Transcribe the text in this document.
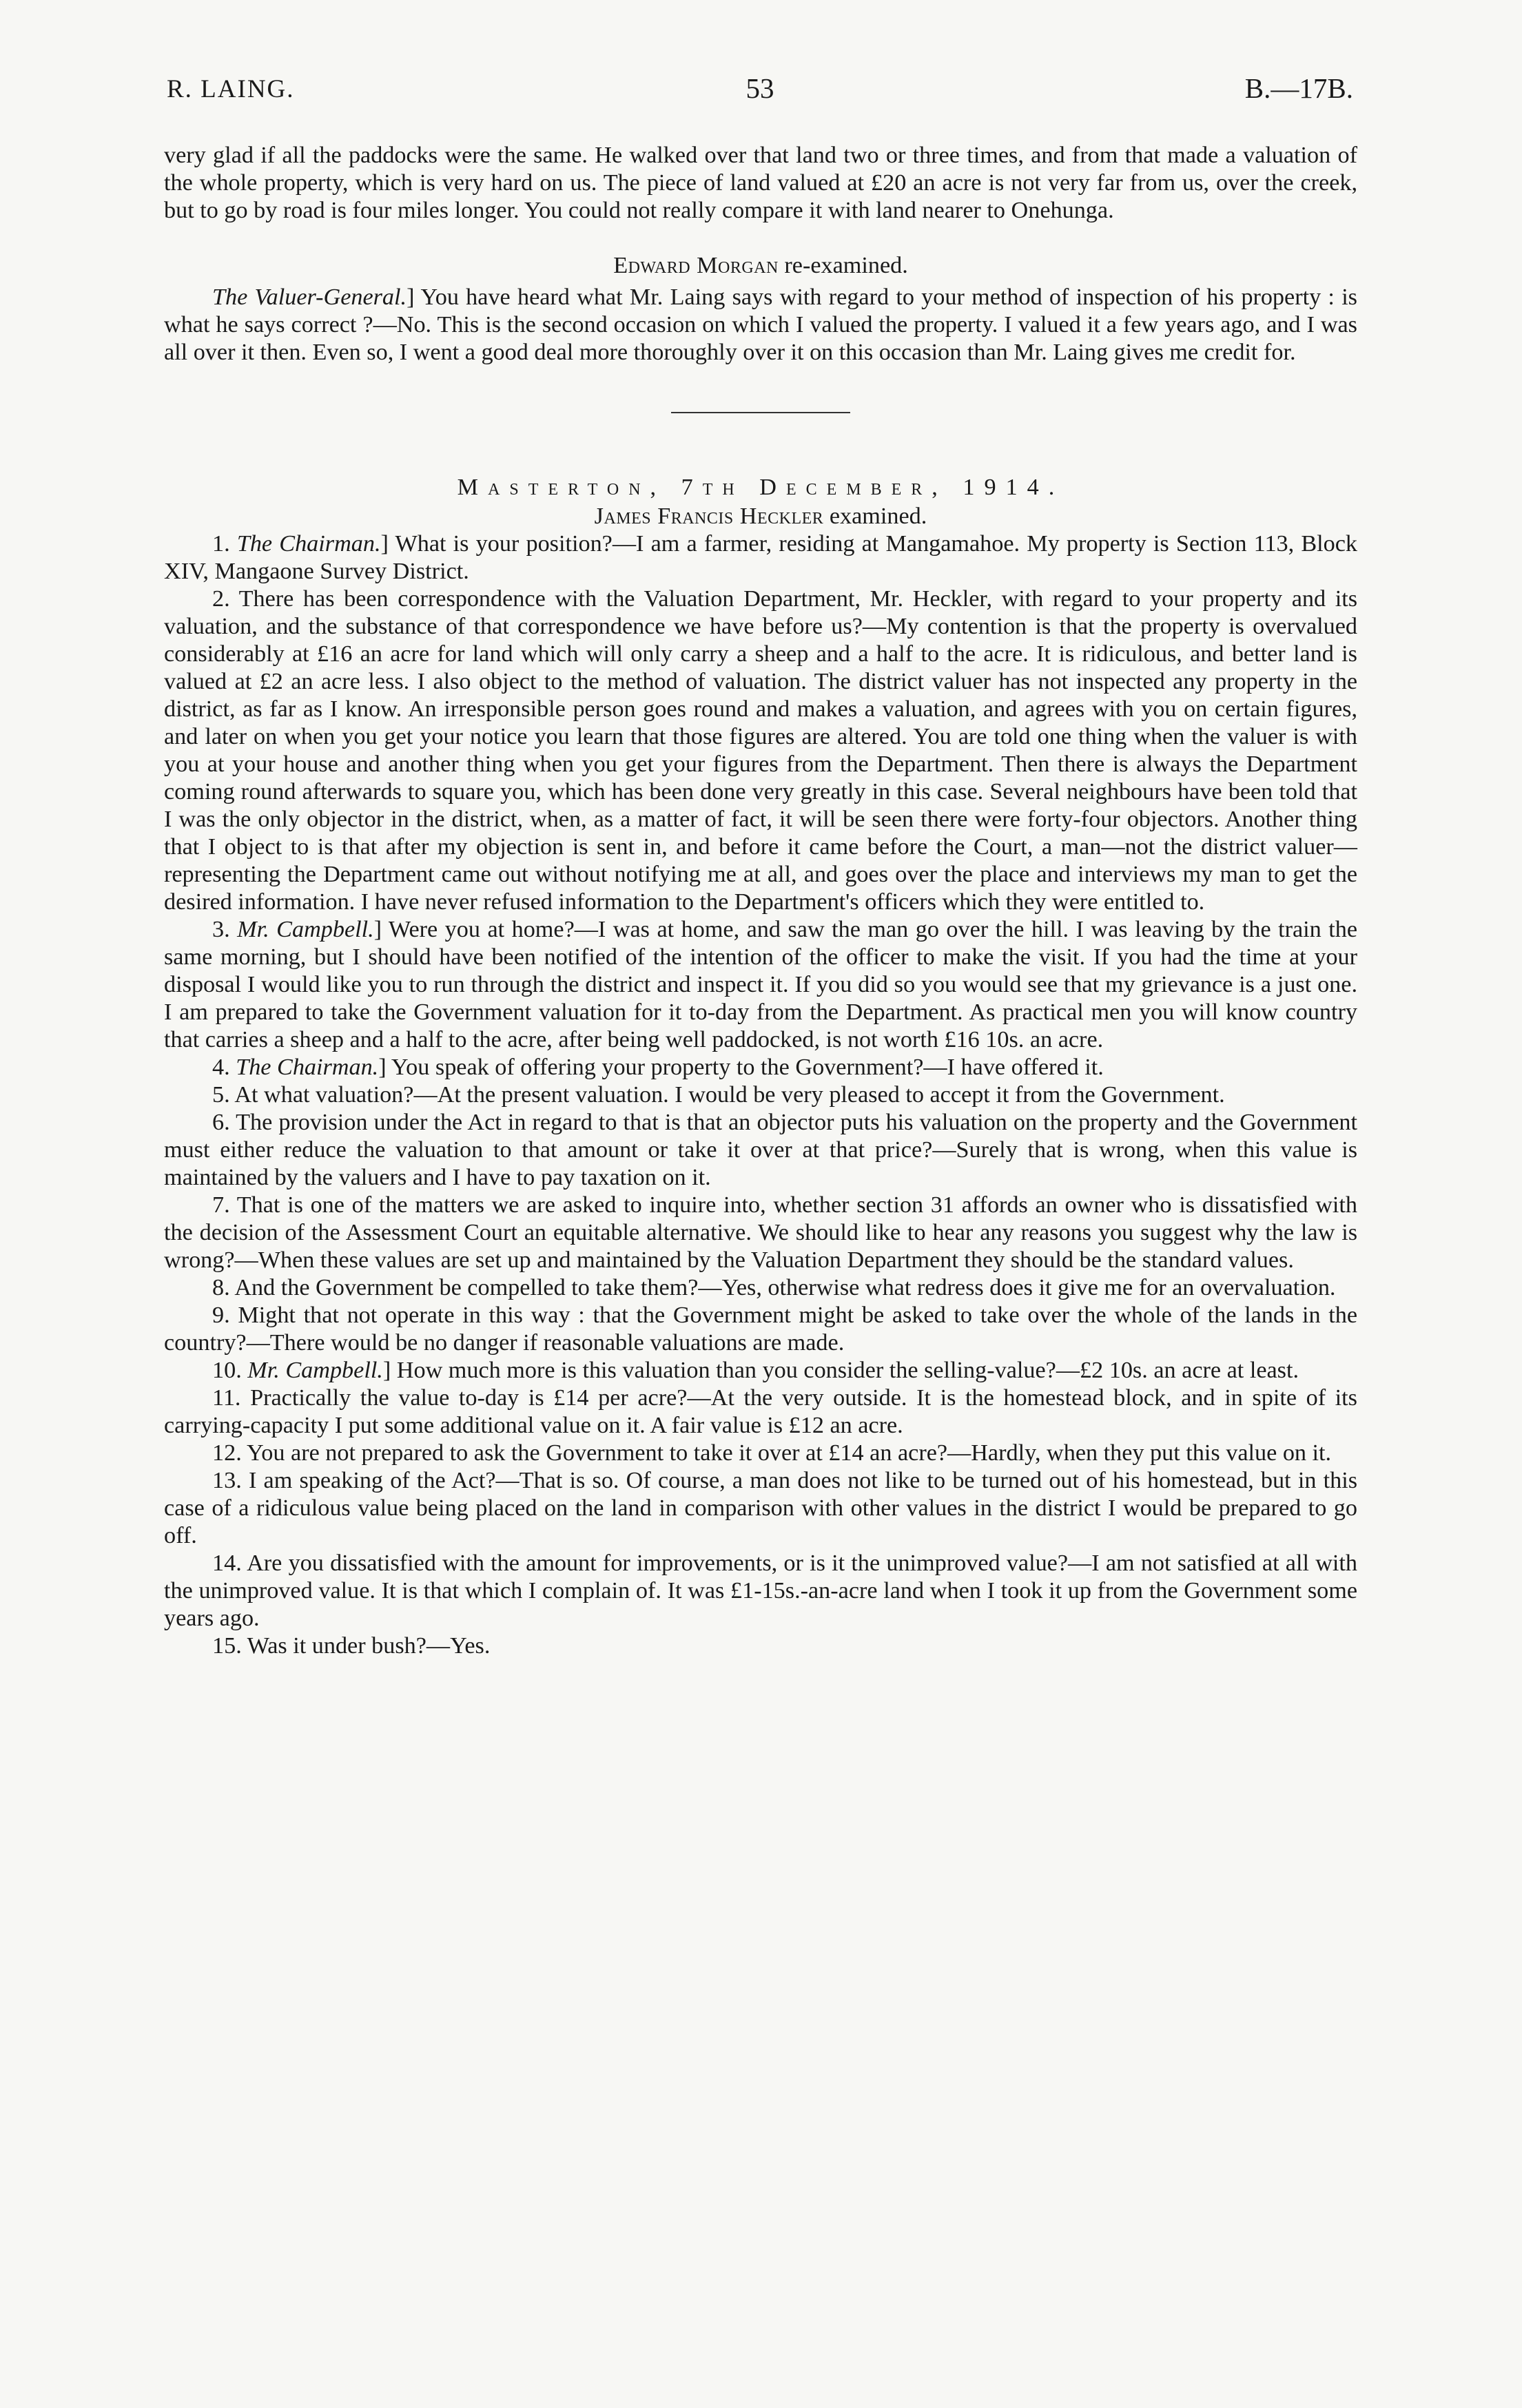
R. LAING.	53	B.—17B.

very glad if all the paddocks were the same. He walked over that land two or three times, and from that made a valuation of the whole property, which is very hard on us. The piece of land valued at £20 an acre is not very far from us, over the creek, but to go by road is four miles longer. You could not really compare it with land nearer to Onehunga.

Edward Morgan re-examined.

The Valuer-General.] You have heard what Mr. Laing says with regard to your method of inspection of his property : is what he says correct ?—No. This is the second occasion on which I valued the property. I valued it a few years ago, and I was all over it then. Even so, I went a good deal more thoroughly over it on this occasion than Mr. Laing gives me credit for.

Masterton, 7th December, 1914.

James Francis Heckler examined.

1. The Chairman.] What is your position?—I am a farmer, residing at Mangamahoe. My property is Section 113, Block XIV, Mangaone Survey District.

2. There has been correspondence with the Valuation Department, Mr. Heckler, with regard to your property and its valuation, and the substance of that correspondence we have before us?—My contention is that the property is overvalued considerably at £16 an acre for land which will only carry a sheep and a half to the acre. It is ridiculous, and better land is valued at £2 an acre less. I also object to the method of valuation. The district valuer has not inspected any property in the district, as far as I know. An irresponsible person goes round and makes a valuation, and agrees with you on certain figures, and later on when you get your notice you learn that those figures are altered. You are told one thing when the valuer is with you at your house and another thing when you get your figures from the Department. Then there is always the Department coming round afterwards to square you, which has been done very greatly in this case. Several neighbours have been told that I was the only objector in the district, when, as a matter of fact, it will be seen there were forty-four objectors. Another thing that I object to is that after my objection is sent in, and before it came before the Court, a man—not the district valuer—representing the Department came out without notifying me at all, and goes over the place and interviews my man to get the desired information. I have never refused information to the Department's officers which they were entitled to.

3. Mr. Campbell.] Were you at home?—I was at home, and saw the man go over the hill. I was leaving by the train the same morning, but I should have been notified of the intention of the officer to make the visit. If you had the time at your disposal I would like you to run through the district and inspect it. If you did so you would see that my grievance is a just one. I am prepared to take the Government valuation for it to-day from the Department. As practical men you will know country that carries a sheep and a half to the acre, after being well paddocked, is not worth £16 10s. an acre.

4. The Chairman.] You speak of offering your property to the Government?—I have offered it.

5. At what valuation?—At the present valuation. I would be very pleased to accept it from the Government.

6. The provision under the Act in regard to that is that an objector puts his valuation on the property and the Government must either reduce the valuation to that amount or take it over at that price?—Surely that is wrong, when this value is maintained by the valuers and I have to pay taxation on it.

7. That is one of the matters we are asked to inquire into, whether section 31 affords an owner who is dissatisfied with the decision of the Assessment Court an equitable alternative. We should like to hear any reasons you suggest why the law is wrong?—When these values are set up and maintained by the Valuation Department they should be the standard values.

8. And the Government be compelled to take them?—Yes, otherwise what redress does it give me for an overvaluation.

9. Might that not operate in this way : that the Government might be asked to take over the whole of the lands in the country?—There would be no danger if reasonable valuations are made.

10. Mr. Campbell.] How much more is this valuation than you consider the selling-value?—£2 10s. an acre at least.

11. Practically the value to-day is £14 per acre?—At the very outside. It is the homestead block, and in spite of its carrying-capacity I put some additional value on it. A fair value is £12 an acre.

12. You are not prepared to ask the Government to take it over at £14 an acre?—Hardly, when they put this value on it.

13. I am speaking of the Act?—That is so. Of course, a man does not like to be turned out of his homestead, but in this case of a ridiculous value being placed on the land in comparison with other values in the district I would be prepared to go off.

14. Are you dissatisfied with the amount for improvements, or is it the unimproved value?—I am not satisfied at all with the unimproved value. It is that which I complain of. It was £1-15s.-an-acre land when I took it up from the Government some years ago.

15. Was it under bush?—Yes.
